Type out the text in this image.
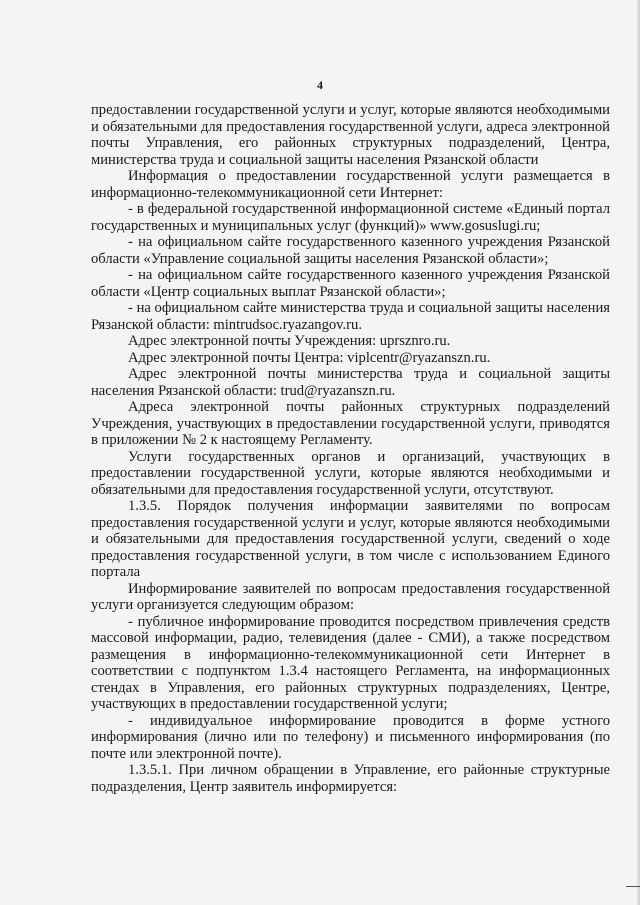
4

предоставлении государственной услуги и услуг, которые являются необходимыми и обязательными для предоставления государственной услуги, адреса электронной почты Управления, его районных структурных подразделений, Центра, министерства труда и социальной защиты населения Рязанской области

Информация о предоставлении государственной услуги размещается в информационно-телекоммуникационной сети Интернет:

- в федеральной государственной информационной системе «Единый портал государственных и муниципальных услуг (функций)» www.gosuslugi.ru;

- на официальном сайте государственного казенного учреждения Рязанской области «Управление социальной защиты населения Рязанской области»;

- на официальном сайте государственного казенного учреждения Рязанской области «Центр социальных выплат Рязанской области»;

- на официальном сайте министерства труда и социальной защиты населения Рязанской области: mintrudsoc.ryazangov.ru.

Адрес электронной почты Учреждения: uprsznro.ru.

Адрес электронной почты Центра: viplcentr@ryazanszn.ru.

Адрес электронной почты министерства труда и социальной защиты населения Рязанской области: trud@ryazanszn.ru.

Адреса электронной почты районных структурных подразделений Учреждения, участвующих в предоставлении государственной услуги, приводятся в приложении № 2 к настоящему Регламенту.

Услуги государственных органов и организаций, участвующих в предоставлении государственной услуги, которые являются необходимыми и обязательными для предоставления государственной услуги, отсутствуют.

1.3.5. Порядок получения информации заявителями по вопросам предоставления государственной услуги и услуг, которые являются необходимыми и обязательными для предоставления государственной услуги, сведений о ходе предоставления государственной услуги, в том числе с использованием Единого портала

Информирование заявителей по вопросам предоставления государственной услуги организуется следующим образом:

- публичное информирование проводится посредством привлечения средств массовой информации, радио, телевидения (далее - СМИ), а также посредством размещения в информационно-телекоммуникационной сети Интернет в соответствии с подпунктом 1.3.4 настоящего Регламента, на информационных стендах в Управления, его районных структурных подразделениях, Центре, участвующих в предоставлении государственной услуги;

- индивидуальное информирование проводится в форме устного информирования (лично или по телефону) и письменного информирования (по почте или электронной почте).

1.3.5.1. При личном обращении в Управление, его районные структурные подразделения, Центр заявитель информируется:
